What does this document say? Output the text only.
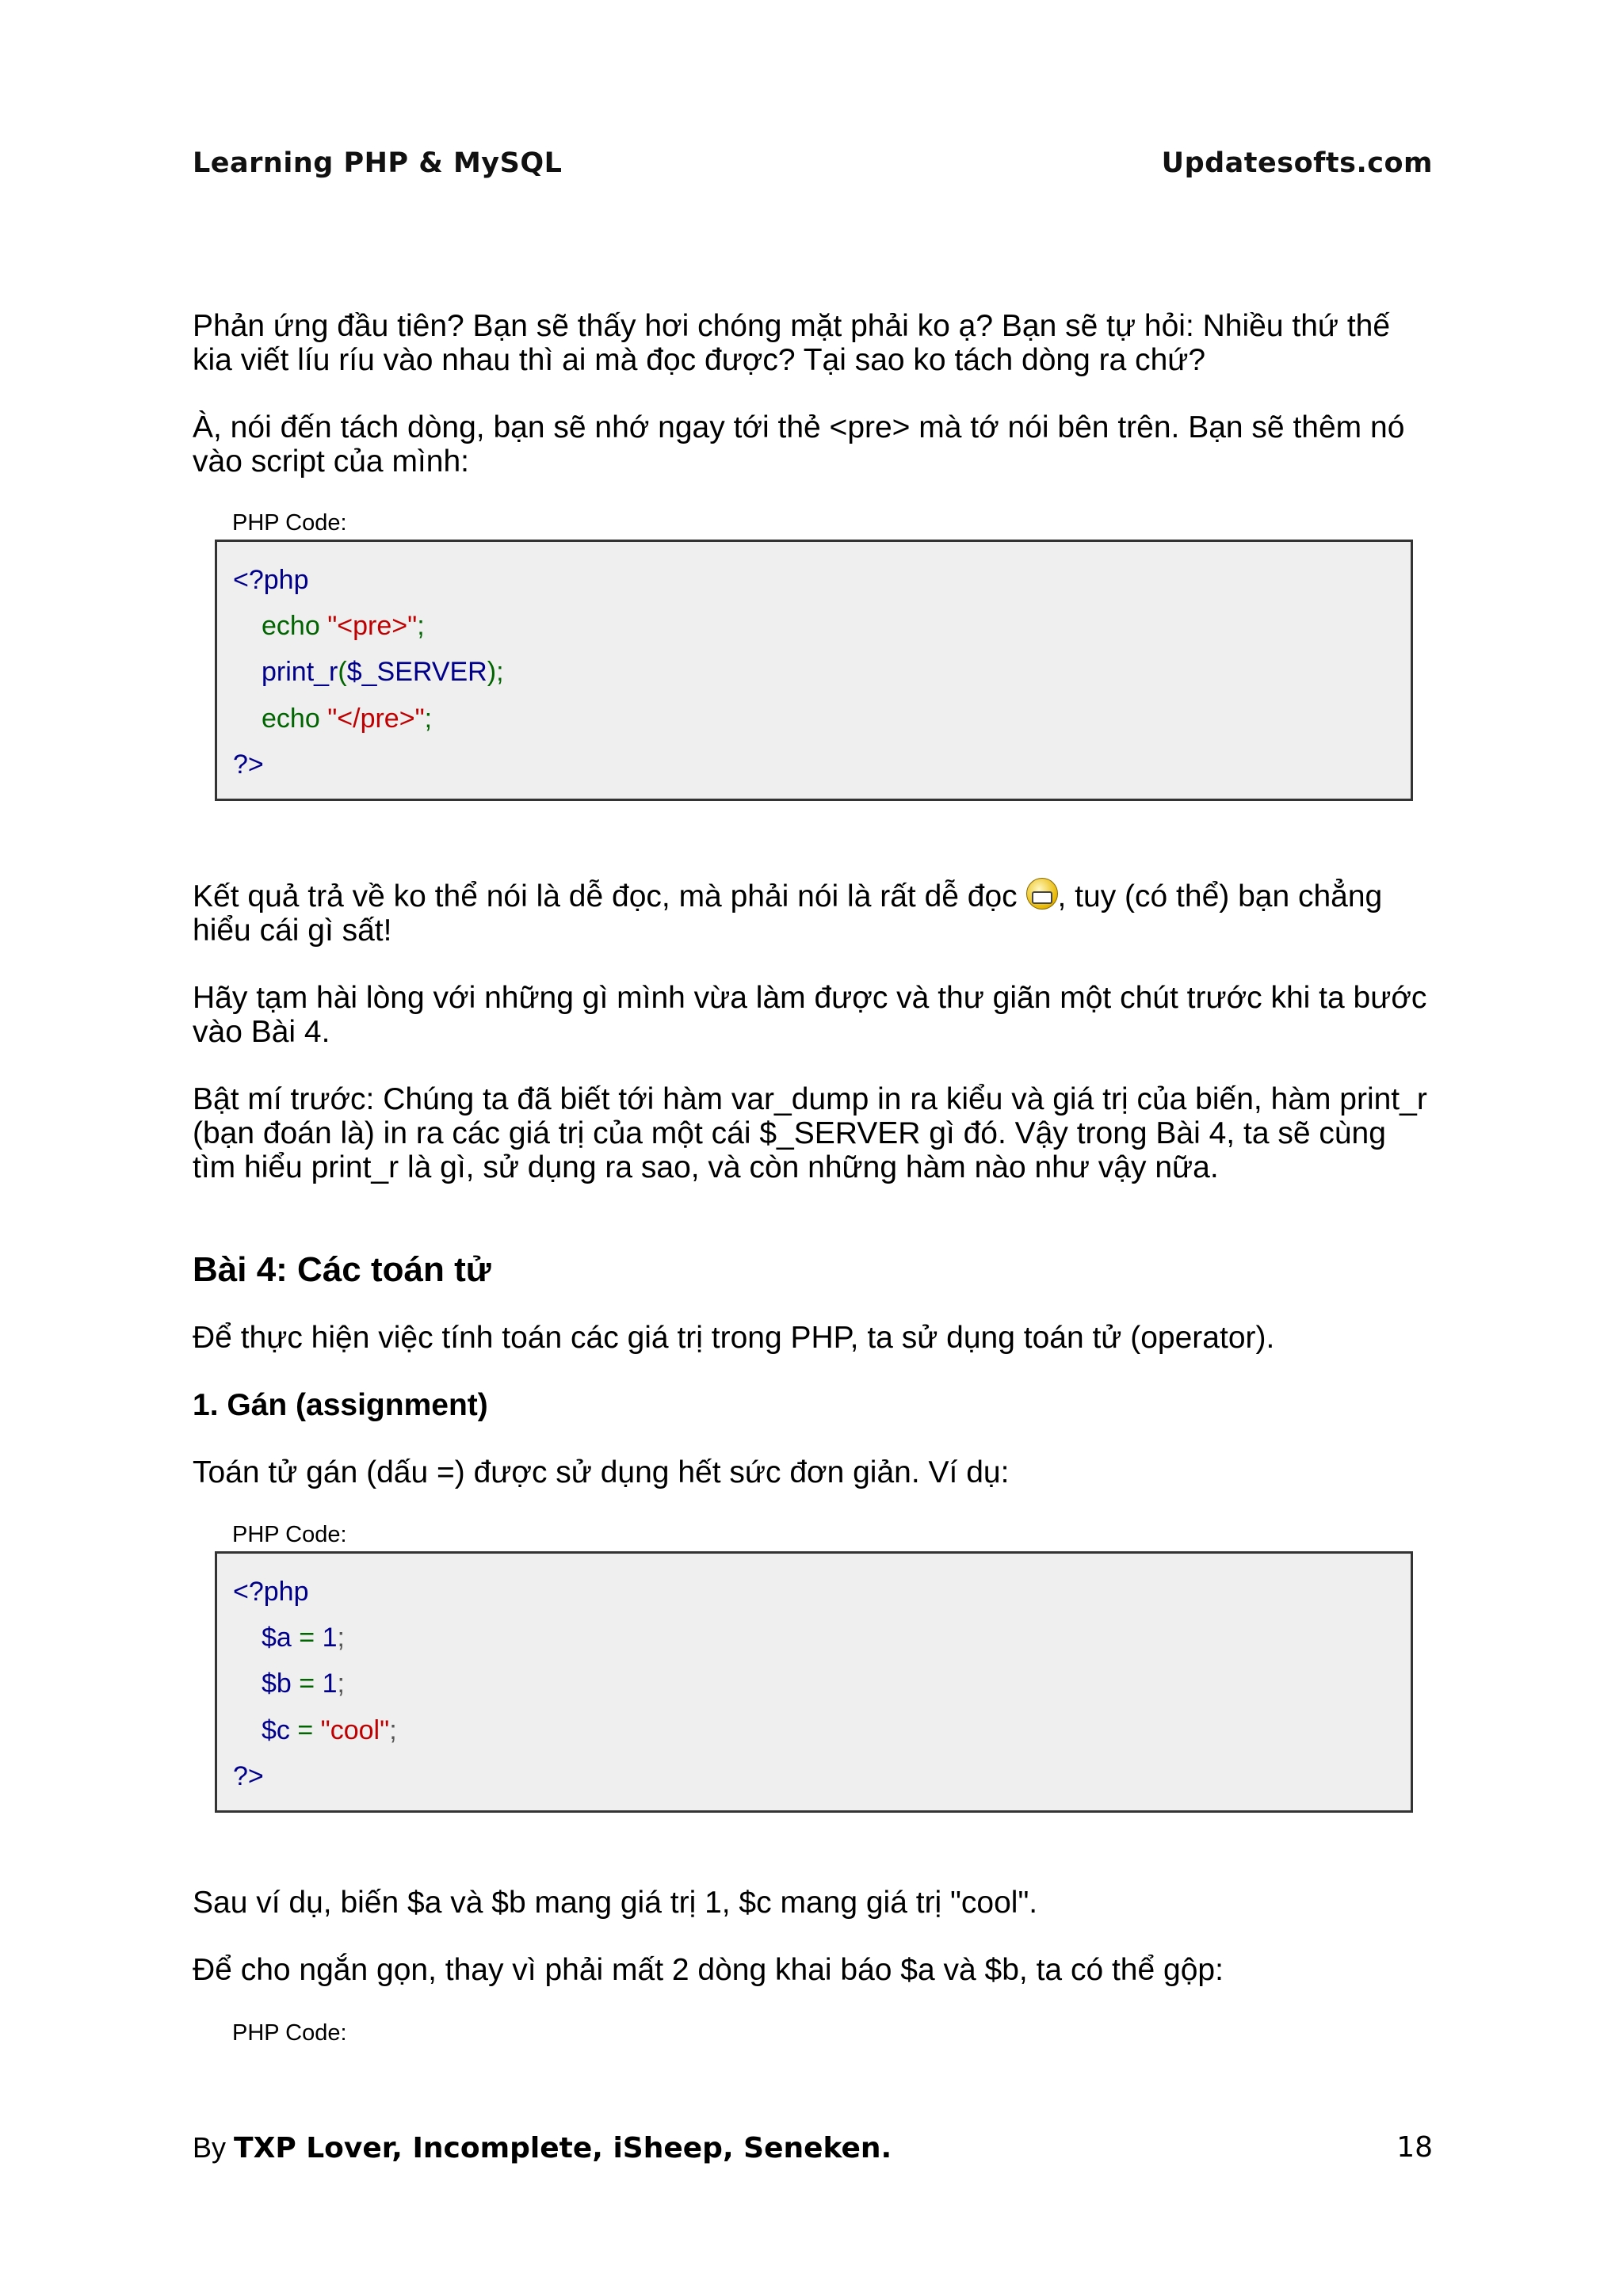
Learning PHP & MySQL	Updatesofts.com
Phản ứng đầu tiên? Bạn sẽ thấy hơi chóng mặt phải ko ạ? Bạn sẽ tự hỏi: Nhiều thứ thế kia viết líu ríu vào nhau thì ai mà đọc được? Tại sao ko tách dòng ra chứ?
À, nói đến tách dòng, bạn sẽ nhớ ngay tới thẻ <pre> mà tớ nói bên trên. Bạn sẽ thêm nó vào script của mình:
PHP Code:
<?php
echo "<pre>";
print_r($_SERVER);
echo "</pre>";
?>
Kết quả trả về ko thể nói là dễ đọc, mà phải nói là rất dễ đọc , tuy (có thể) bạn chẳng hiểu cái gì sất!
Hãy tạm hài lòng với những gì mình vừa làm được và thư giãn một chút trước khi ta bước vào Bài 4.
Bật mí trước: Chúng ta đã biết tới hàm var_dump in ra kiểu và giá trị của biến, hàm print_r (bạn đoán là) in ra các giá trị của một cái $_SERVER gì đó. Vậy trong Bài 4, ta sẽ cùng tìm hiểu print_r là gì, sử dụng ra sao, và còn những hàm nào như vậy nữa.
Bài 4: Các toán tử
Để thực hiện việc tính toán các giá trị trong PHP, ta sử dụng toán tử (operator).
1. Gán (assignment)
Toán tử gán (dấu =) được sử dụng hết sức đơn giản. Ví dụ:
PHP Code:
<?php
$a = 1;
$b = 1;
$c = "cool";
?>
Sau ví dụ, biến $a và $b mang giá trị 1, $c mang giá trị "cool".
Để cho ngắn gọn, thay vì phải mất 2 dòng khai báo $a và $b, ta có thể gộp:
PHP Code:
By TXP Lover, Incomplete, iSheep, Seneken.	18
